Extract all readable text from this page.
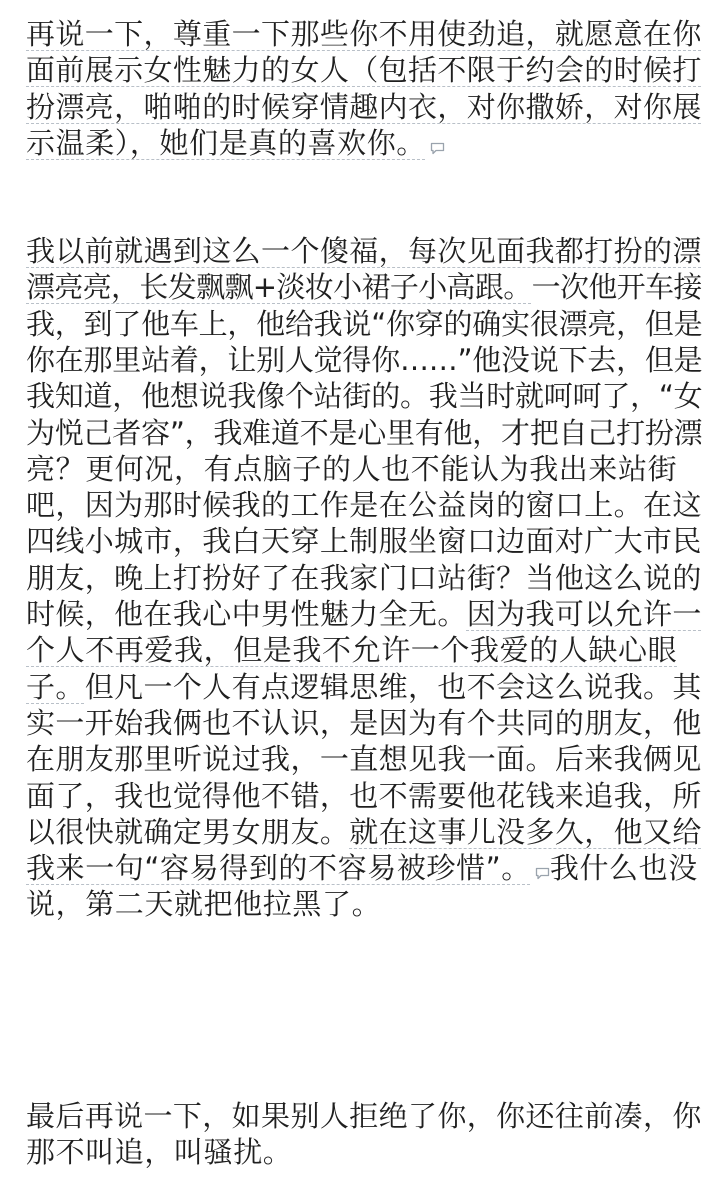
再说一下，尊重一下那些你不用使劲追，就愿意在你
面前展示女性魅力的女人（包括不限于约会的时候打
扮漂亮，啪啪的时候穿情趣内衣，对你撒娇，对你展
示温柔），她们是真的喜欢你。
我以前就遇到这么一个傻福，每次见面我都打扮的漂
漂亮亮，长发飘飘+淡妆小裙子小高跟。一次他开车接
我，到了他车上，他给我说“你穿的确实很漂亮，但是
你在那里站着，让别人觉得你……”他没说下去，但是
我知道，他想说我像个站街的。我当时就呵呵了，“女
为悦己者容”，我难道不是心里有他，才把自己打扮漂
亮？更何况，有点脑子的人也不能认为我出来站街
吧，因为那时候我的工作是在公益岗的窗口上。在这
四线小城市，我白天穿上制服坐窗口边面对广大市民
朋友，晚上打扮好了在我家门口站街？当他这么说的
时候，他在我心中男性魅力全无。因为我可以允许一
个人不再爱我，但是我不允许一个我爱的人缺心眼
子。但凡一个人有点逻辑思维，也不会这么说我。其
实一开始我俩也不认识，是因为有个共同的朋友，他
在朋友那里听说过我，一直想见我一面。后来我俩见
面了，我也觉得他不错，也不需要他花钱来追我，所
以很快就确定男女朋友。就在这事儿没多久，他又给
我来一句“容易得到的不容易被珍惜”。 我什么也没
说，第二天就把他拉黑了。
最后再说一下，如果别人拒绝了你，你还往前凑，你
那不叫追，叫骚扰。
